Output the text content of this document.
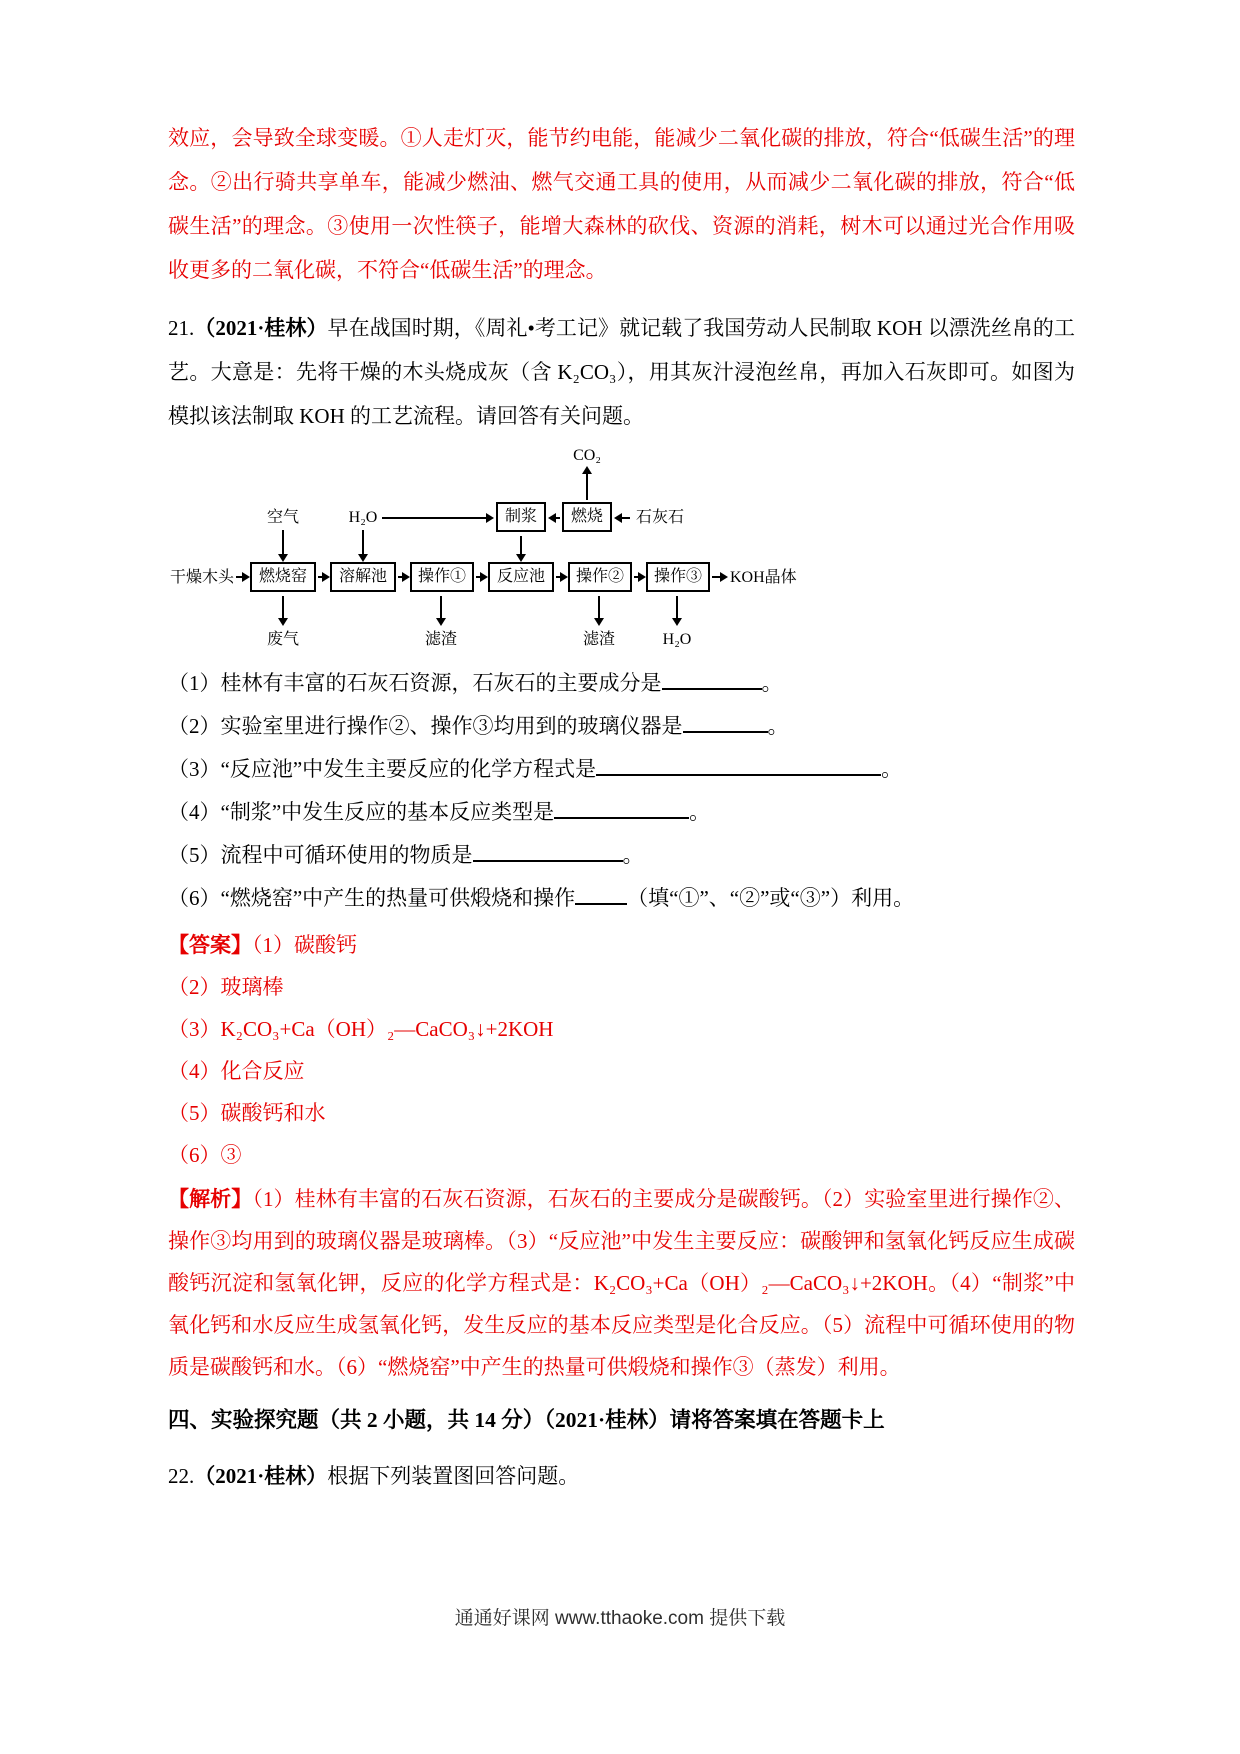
效应，会导致全球变暖。①人走灯灭，能节约电能，能减少二氧化碳的排放，符合“低碳生活”的理念。②出行骑共享单车，能减少燃油、燃气交通工具的使用，从而减少二氧化碳的排放，符合“低碳生活”的理念。③使用一次性筷子，能增大森林的砍伐、资源的消耗，树木可以通过光合作用吸收更多的二氧化碳，不符合“低碳生活”的理念。

21.（2021·桂林）早在战国时期，《周礼•考工记》就记载了我国劳动人民制取 KOH 以漂洗丝帛的工艺。大意是：先将干燥的木头烧成灰（含 K₂CO₃），用其灰汁浸泡丝帛，再加入石灰即可。如图为模拟该法制取 KOH 的工艺流程。请回答有关问题。

CO₂
空气	H₂O	制浆	燃烧	石灰石
干燥木头	燃烧窑	溶解池	操作①	反应池	操作②	操作③	KOH晶体
废气	滤渣	滤渣	H₂O
（1）桂林有丰富的石灰石资源，石灰石的主要成分是	。
（2）实验室里进行操作②、操作③均用到的玻璃仪器是	。
（3）“反应池”中发生主要反应的化学方程式是	。
（4）“制浆”中发生反应的基本反应类型是	。
（5）流程中可循环使用的物质是	。
（6）“燃烧窑”中产生的热量可供煅烧和操作 （填“①”、“②”或“③”）利用。
【答案】（1）碳酸钙
（2）玻璃棒
（3）K₂CO₃+Ca（OH）₂—CaCO₃↓+2KOH
（4）化合反应
（5）碳酸钙和水
（6）③

【解析】（1）桂林有丰富的石灰石资源，石灰石的主要成分是碳酸钙。（2）实验室里进行操作②、操作③均用到的玻璃仪器是玻璃棒。（3）“反应池”中发生主要反应：碳酸钾和氢氧化钙反应生成碳酸钙沉淀和氢氧化钾，反应的化学方程式是：K₂CO₃+Ca（OH）₂—CaCO₃↓+2KOH。（4）“制浆”中氧化钙和水反应生成氢氧化钙，发生反应的基本反应类型是化合反应。（5）流程中可循环使用的物质是碳酸钙和水。（6）“燃烧窑”中产生的热量可供煅烧和操作③（蒸发）利用。

四、实验探究题（共 2 小题，共 14 分）（2021·桂林）请将答案填在答题卡上

22.（2021·桂林）根据下列装置图回答问题。

通通好课网 www.tthaoke.com 提供下载
